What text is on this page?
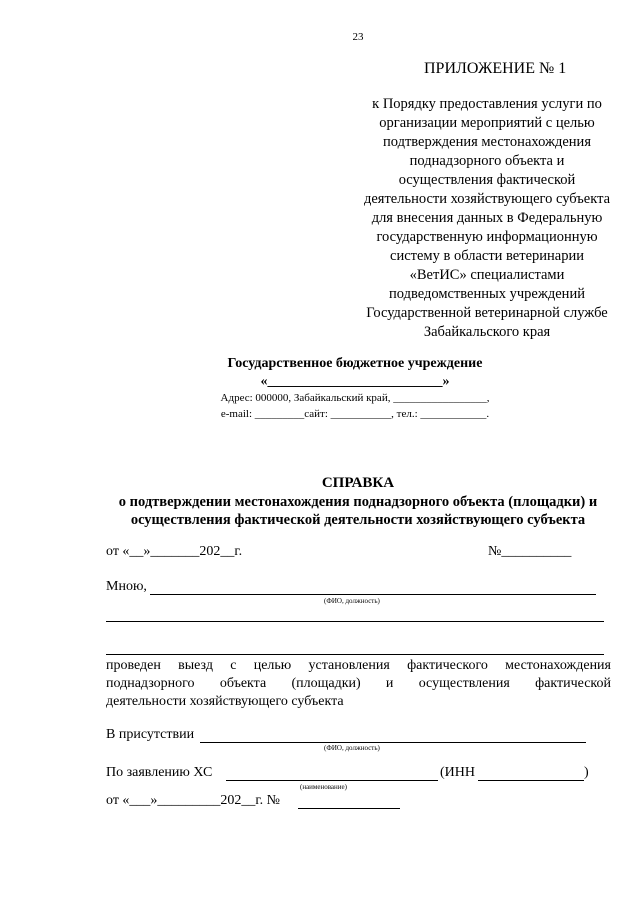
23
ПРИЛОЖЕНИЕ № 1
к Порядку предоставления услуги по
организации мероприятий с целью
подтверждения местонахождения
поднадзорного объекта и
осуществления фактической
деятельности хозяйствующего субъекта
для внесения данных в Федеральную
государственную информационную
систему в области ветеринарии
«ВетИС» специалистами
подведомственных учреждений
Государственной ветеринарной службе
Забайкальского края
Государственное бюджетное учреждение
«_________________________»
Адрес: 000000, Забайкальский край, _________________,
e-mail: _________сайт: ___________, тел.: ____________.
СПРАВКА
о подтверждении местонахождения поднадзорного объекта (площадки) и
осуществления фактической деятельности хозяйствующего субъекта
от «__»_______202__г.	№__________
Мною,
(ФИО, должность)
проведен выезд с целью установления фактического местонахождения
поднадзорного объекта (площадки) и осуществления фактической
деятельности хозяйствующего субъекта
В присутствии
(ФИО, должность)
По заявлению ХС	(ИНН	)
(наименование)
от «___»_________202__г. №
